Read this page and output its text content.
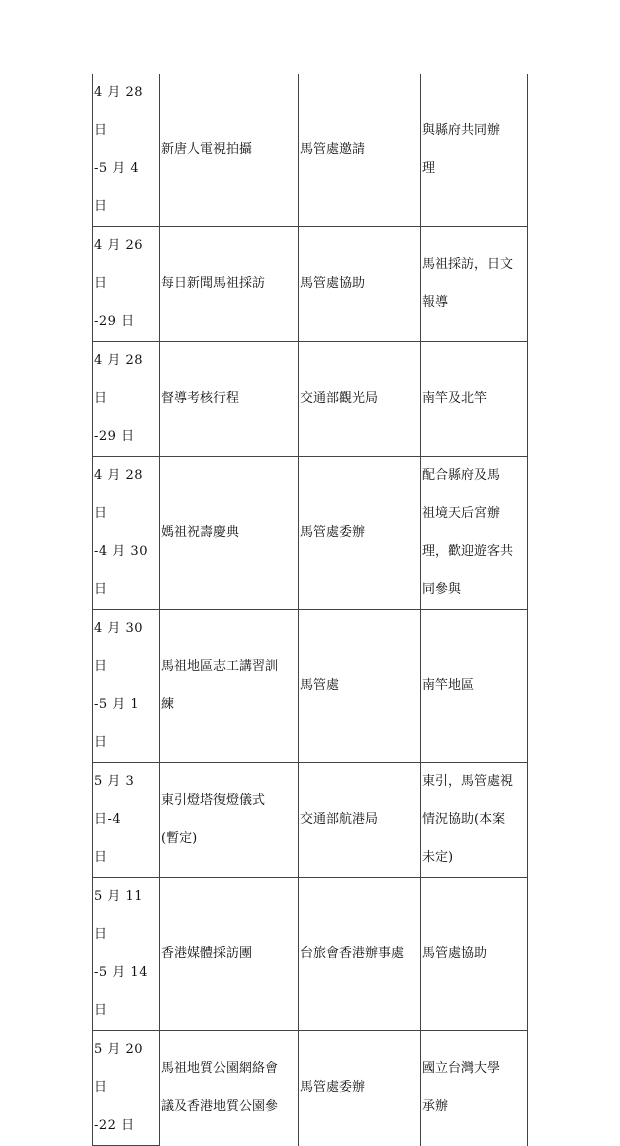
4 月 28 日
-5 月 4 日	新唐人電視拍攝	馬管處邀請	與縣府共同辦
理

4 月 26 日
-29 日	每日新聞馬祖採訪	馬管處協助	馬祖採訪，日文
報導

4 月 28 日
-29 日	督導考核行程	交通部觀光局	南竿及北竿

4 月 28 日
-4 月 30 日	媽祖祝壽慶典	馬管處委辦	配合縣府及馬
祖境天后宮辦
理，歡迎遊客共
同參與

4 月 30 日
-5 月 1 日	馬祖地區志工講習訓
練	馬管處	南竿地區

5 月 3 日-4
日	東引燈塔復燈儀式
(暫定)	交通部航港局	東引，馬管處視
情況協助(本案
未定)

5 月 11 日
-5 月 14 日	香港媒體採訪團	台旅會香港辦事處	馬管處協助

5 月 20 日
-22 日	馬祖地質公園網絡會
議及香港地質公園參	馬管處委辦	國立台灣大學
承辦
